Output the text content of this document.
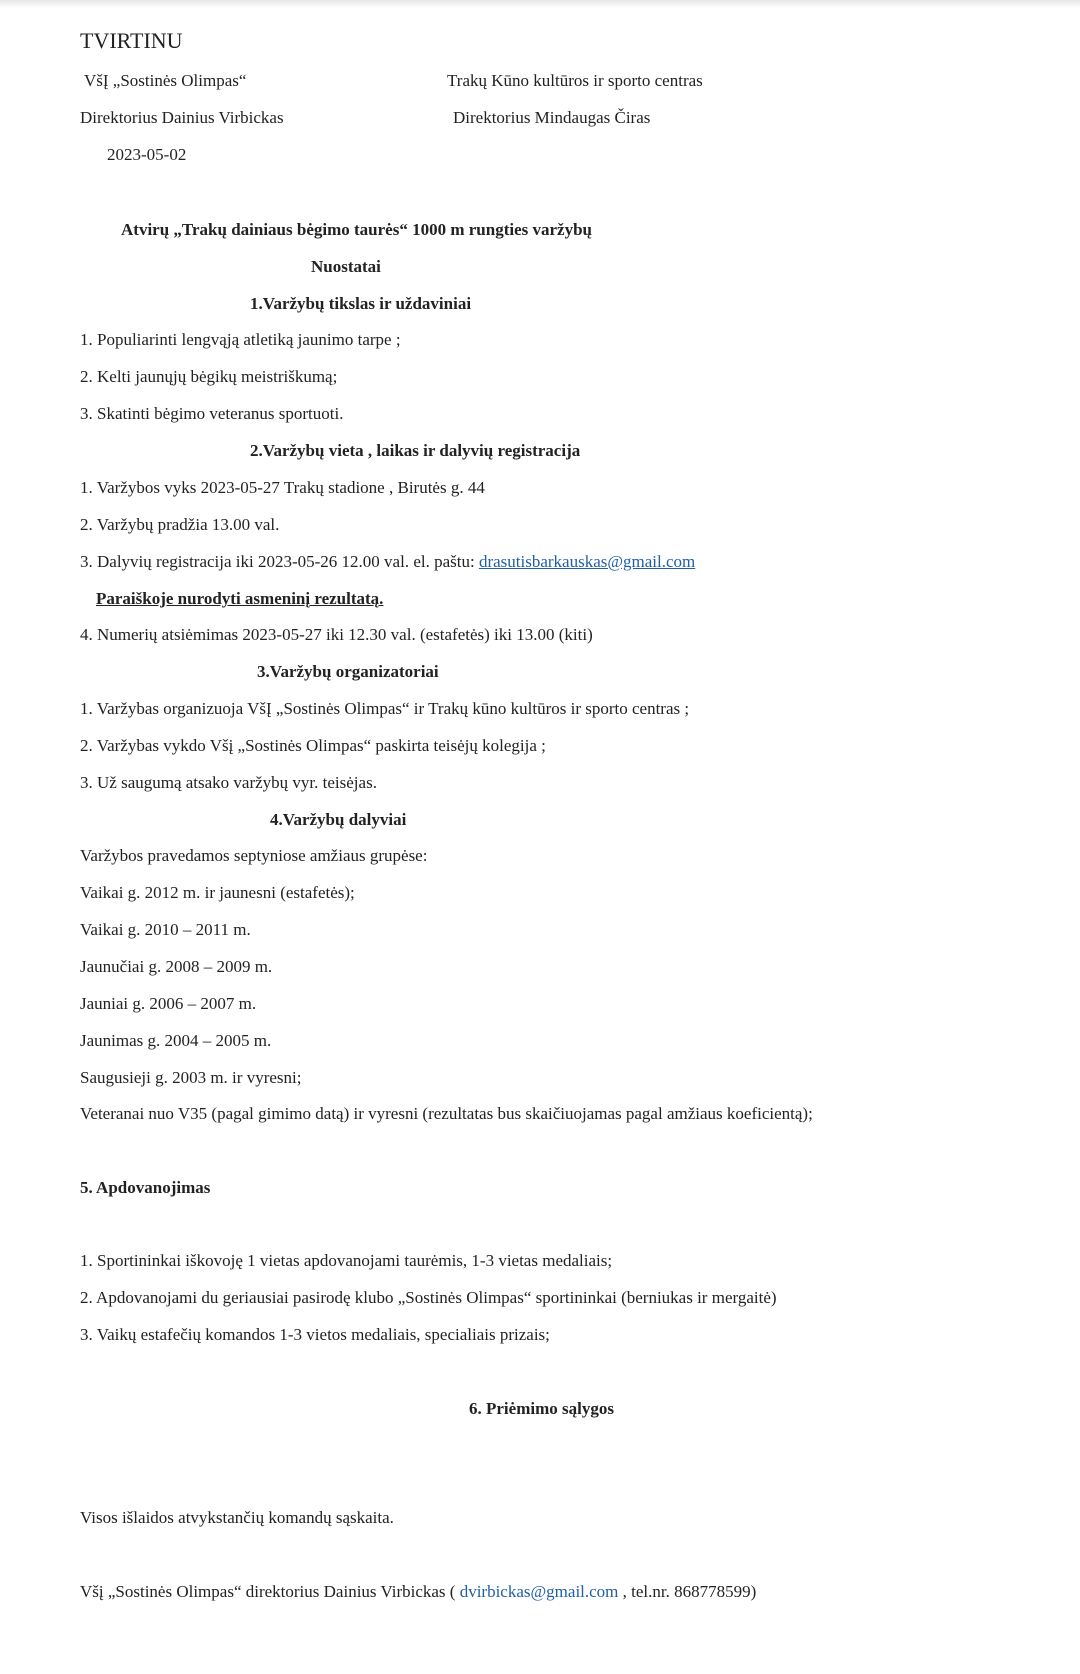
TVIRTINU
VšĮ „Sostinės Olimpas“	Trakų Kūno kultūros ir sporto centras
Direktorius Dainius Virbickas	Direktorius Mindaugas Čiras
2023-05-02
Atvirų „Trakų dainiaus bėgimo taurės“ 1000 m rungties varžybų
Nuostatai
1.Varžybų tikslas ir uždaviniai
1. Populiarinti lengvąją atletiką jaunimo tarpe ;
2. Kelti jaunųjų bėgikų meistriškumą;
3. Skatinti bėgimo veteranus sportuoti.
2.Varžybų vieta , laikas ir dalyvių registracija
1. Varžybos vyks 2023-05-27 Trakų stadione , Birutės g. 44
2. Varžybų pradžia 13.00 val.
3. Dalyvių registracija iki 2023-05-26 12.00 val. el. paštu: drasutisbarkauskas@gmail.com
Paraiškoje nurodyti asmeninį rezultatą.
4. Numerių atsiėmimas 2023-05-27 iki 12.30 val. (estafetės) iki 13.00 (kiti)
3.Varžybų organizatoriai
1. Varžybas organizuoja VšĮ „Sostinės Olimpas“ ir Trakų kūno kultūros ir sporto centras ;
2. Varžybas vykdo Všį „Sostinės Olimpas“ paskirta teisėjų kolegija ;
3. Už saugumą atsako varžybų vyr. teisėjas.
4.Varžybų dalyviai
Varžybos pravedamos septyniose amžiaus grupėse:
Vaikai g. 2012 m. ir jaunesni (estafetės);
Vaikai g. 2010 – 2011 m.
Jaunučiai g. 2008 – 2009 m.
Jauniai g. 2006 – 2007 m.
Jaunimas g. 2004 – 2005 m.
Saugusieji g. 2003 m. ir vyresni;
Veteranai nuo V35 (pagal gimimo datą) ir vyresni (rezultatas bus skaičiuojamas pagal amžiaus koeficientą);
5. Apdovanojimas
1. Sportininkai iškovoję 1 vietas apdovanojami taurėmis, 1-3 vietas medaliais;
2. Apdovanojami du geriausiai pasirodę klubo „Sostinės Olimpas“ sportininkai (berniukas ir mergaitė)
3. Vaikų estafečių komandos 1-3 vietos medaliais, specialiais prizais;
6. Priėmimo sąlygos
Visos išlaidos atvykstančių komandų sąskaita.
Všį „Sostinės Olimpas“ direktorius Dainius Virbickas ( dvirbickas@gmail.com , tel.nr. 868778599)
